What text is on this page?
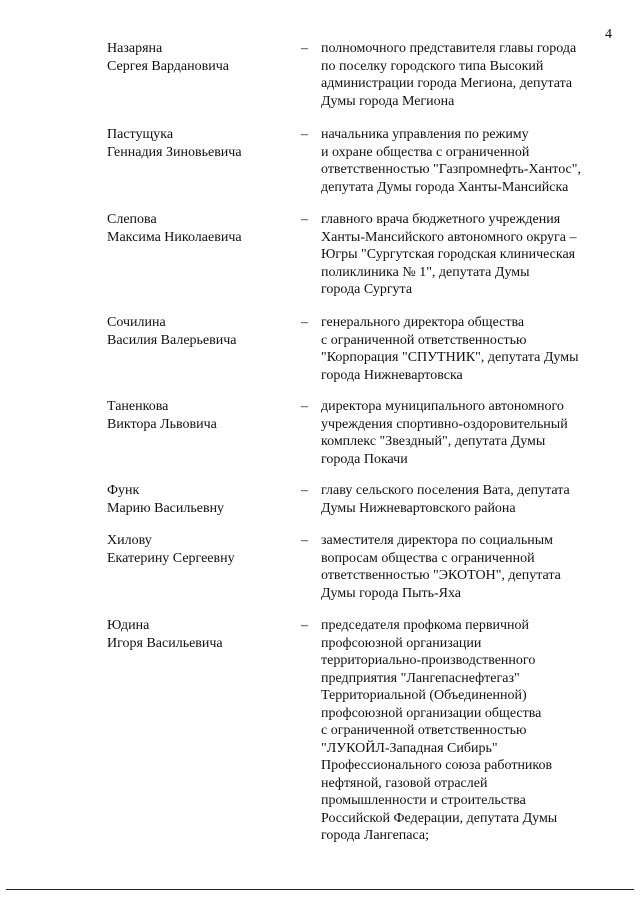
4
Назаряна
Сергея Вардановича
– полномочного представителя главы города
по поселку городского типа Высокий
администрации города Мегиона, депутата
Думы города Мегиона
Пастущука
Геннадия Зиновьевича
– начальника управления по режиму
и охране общества с ограниченной
ответственностью "Газпромнефть-Хантос",
депутата Думы города Ханты-Мансийска
Слепова
Максима Николаевича
– главного врача бюджетного учреждения
Ханты-Мансийского автономного округа –
Югры "Сургутская городская клиническая
поликлиника № 1", депутата Думы
города Сургута
Сочилина
Василия Валерьевича
– генерального директора общества
с ограниченной ответственностью
"Корпорация "СПУТНИК", депутата Думы
города Нижневартовска
Таненкова
Виктора Львовича
– директора муниципального автономного
учреждения спортивно-оздоровительный
комплекс "Звездный", депутата Думы
города Покачи
Функ
Марию Васильевну
– главу сельского поселения Вата, депутата
Думы Нижневартовского района
Хилову
Екатерину Сергеевну
– заместителя директора по социальным
вопросам общества с ограниченной
ответственностью "ЭКОТОН", депутата
Думы города Пыть-Яха
Юдина
Игоря Васильевича
– председателя профкома первичной
профсоюзной организации
территориально-производственного
предприятия "Лангепаснефтегаз"
Территориальной (Объединенной)
профсоюзной организации общества
с ограниченной ответственностью
"ЛУКОЙЛ-Западная Сибирь"
Профессионального союза работников
нефтяной, газовой отраслей
промышленности и строительства
Российской Федерации, депутата Думы
города Лангепаса;
